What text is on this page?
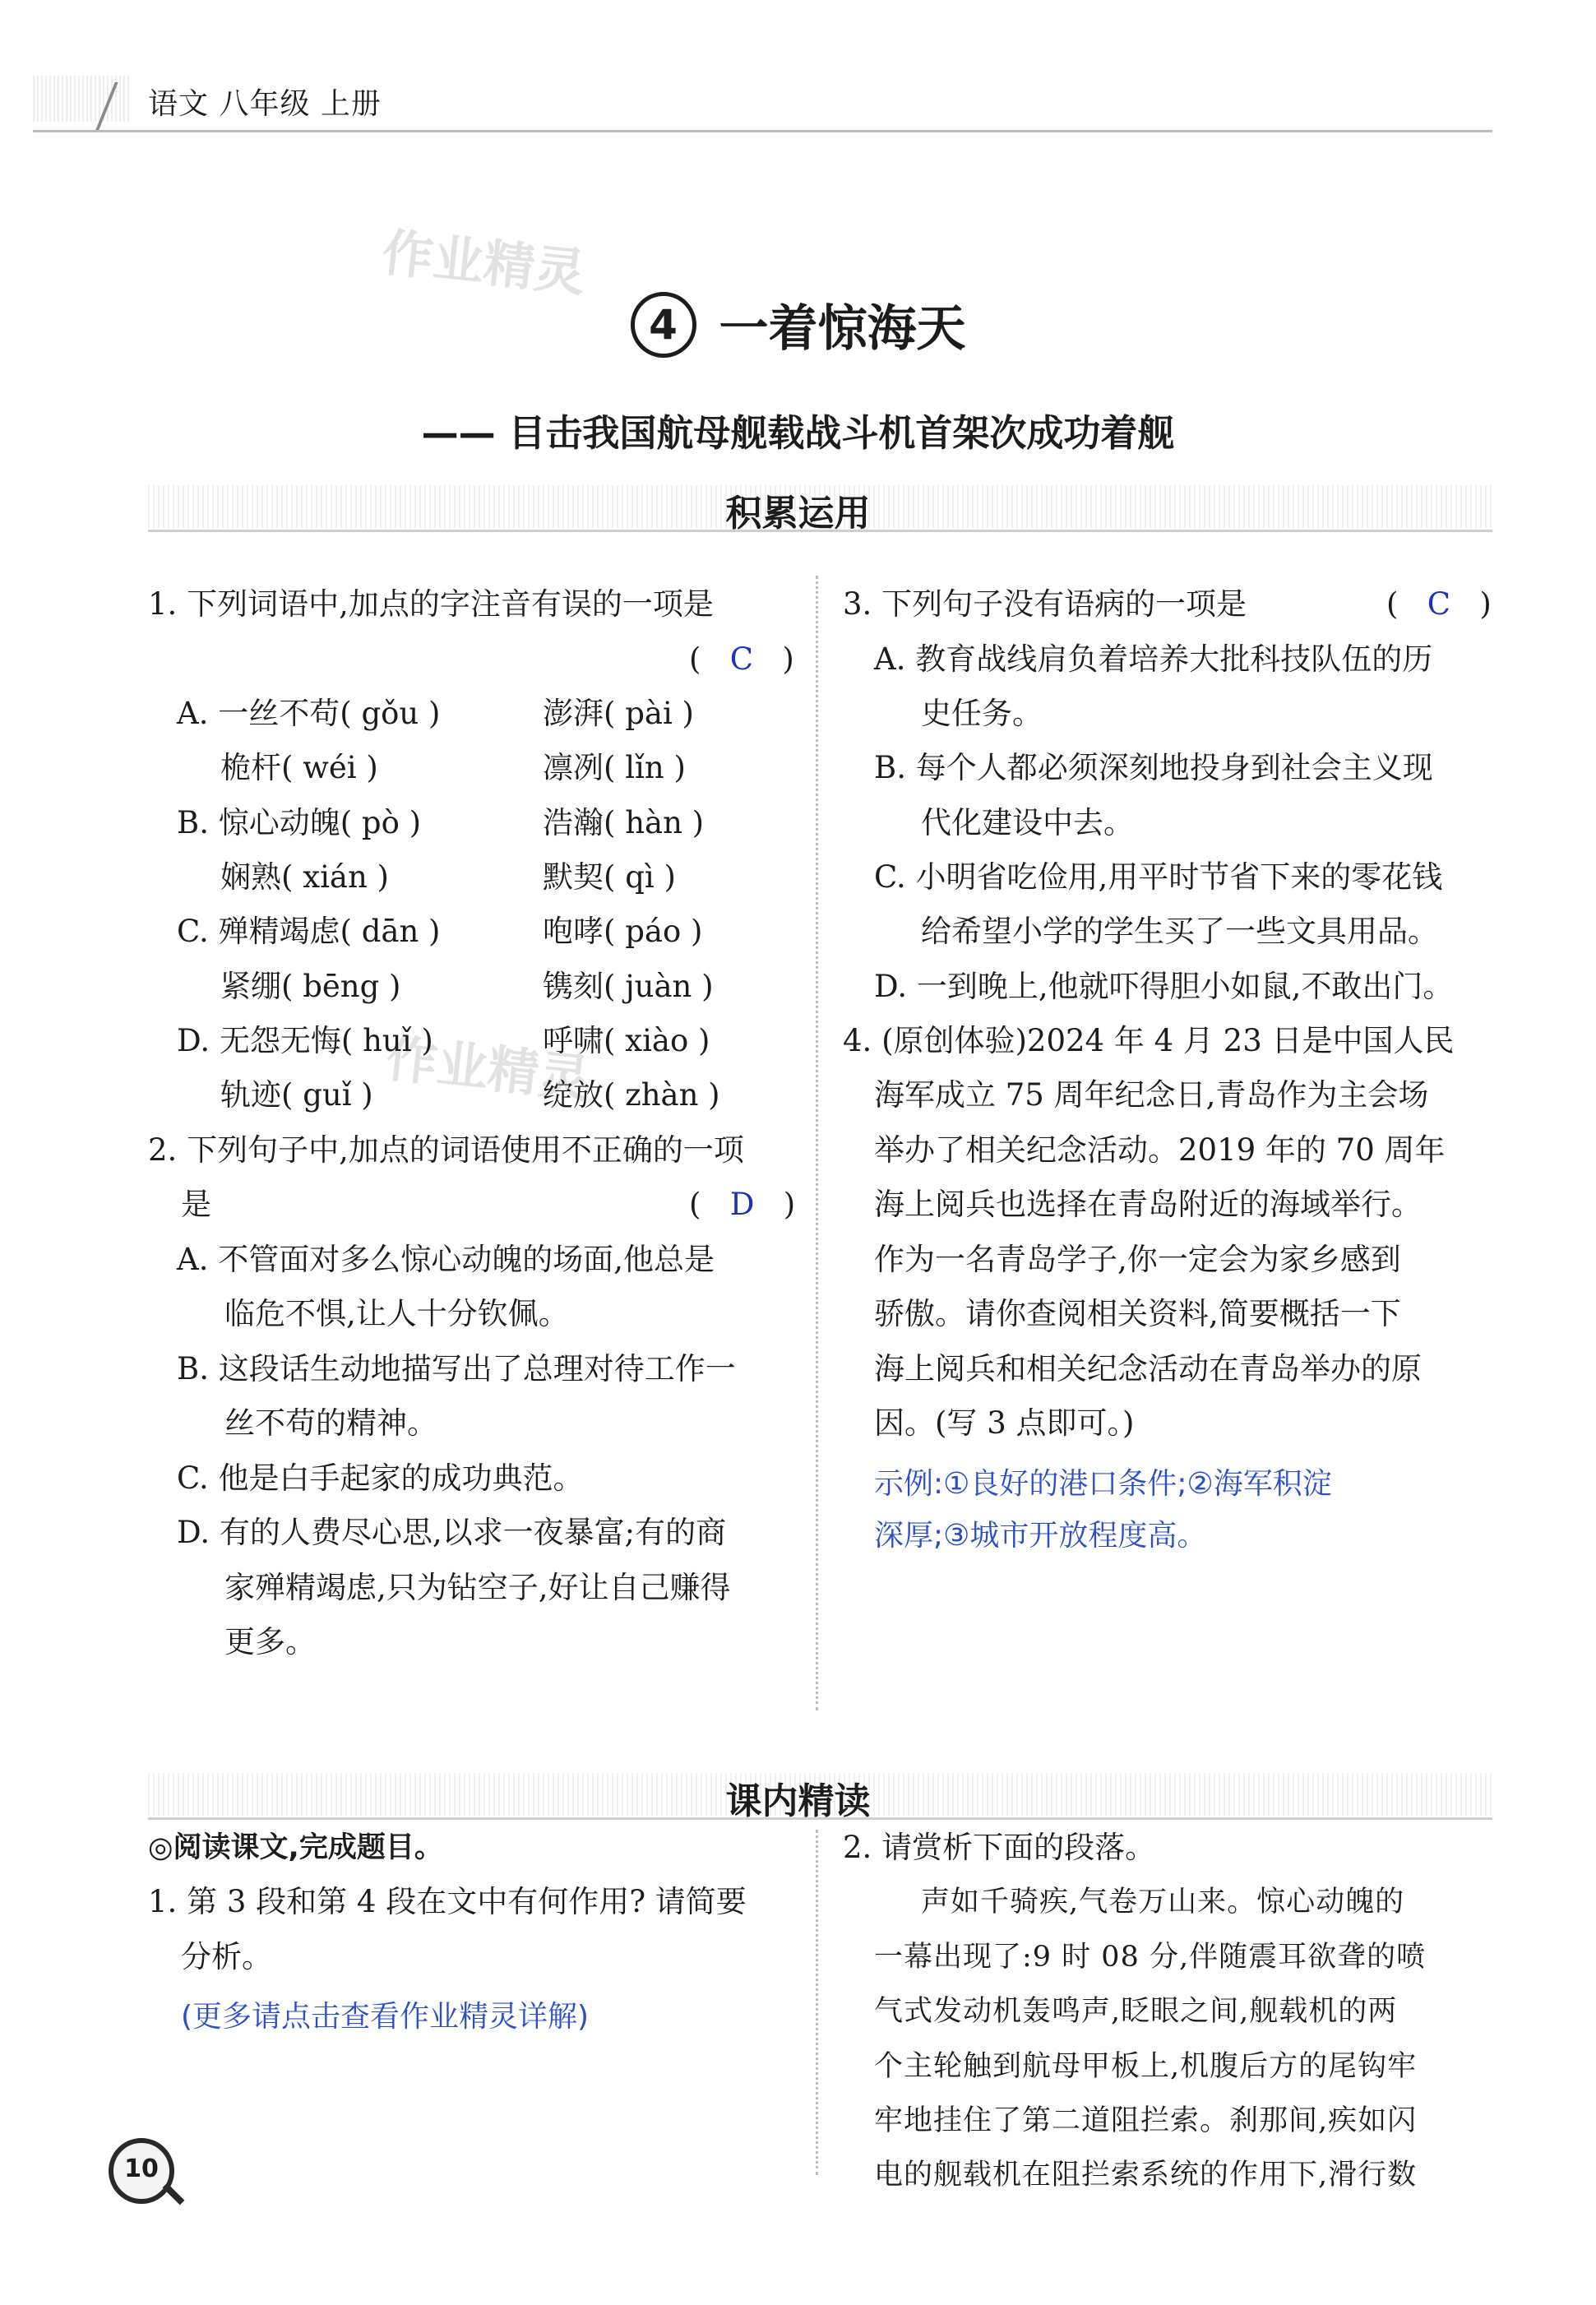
语文 八年级 上册
作业精灵
作业精灵
4 一着惊海天
—— 目击我国航母舰载战斗机首架次成功着舰
积累运用
1. 下列词语中,加点的字注音有误的一项是
( C )
A. 一丝不苟( gǒu )	澎湃( pài )
桅杆( wéi )	凛冽( lǐn )
B. 惊心动魄( pò )	浩瀚( hàn )
娴熟( xián )	默契( qì )
C. 殚精竭虑( dān )	咆哮( páo )
紧绷( bēng )	镌刻( juàn )
D. 无怨无悔( huǐ )	呼啸( xiào )
轨迹( guǐ )	绽放( zhàn )
2. 下列句子中,加点的词语使用不正确的一项
是	( D )
A. 不管面对多么惊心动魄的场面,他总是
临危不惧,让人十分钦佩。
B. 这段话生动地描写出了总理对待工作一
丝不苟的精神。
C. 他是白手起家的成功典范。
D. 有的人费尽心思,以求一夜暴富;有的商
家殚精竭虑,只为钻空子,好让自己赚得
更多。
3. 下列句子没有语病的一项是	( C )
A. 教育战线肩负着培养大批科技队伍的历
史任务。
B. 每个人都必须深刻地投身到社会主义现
代化建设中去。
C. 小明省吃俭用,用平时节省下来的零花钱
给希望小学的学生买了一些文具用品。
D. 一到晚上,他就吓得胆小如鼠,不敢出门。
4. (原创体验)2024 年 4 月 23 日是中国人民
海军成立 75 周年纪念日,青岛作为主会场
举办了相关纪念活动。2019 年的 70 周年
海上阅兵也选择在青岛附近的海域举行。
作为一名青岛学子,你一定会为家乡感到
骄傲。请你查阅相关资料,简要概括一下
海上阅兵和相关纪念活动在青岛举办的原
因。(写 3 点即可。)
示例:①良好的港口条件;②海军积淀
深厚;③城市开放程度高。
课内精读
◎阅读课文,完成题目。
1. 第 3 段和第 4 段在文中有何作用? 请简要
分析。
(更多请点击查看作业精灵详解)
2. 请赏析下面的段落。
声如千骑疾,气卷万山来。惊心动魄的
一幕出现了:9 时 08 分,伴随震耳欲聋的喷
气式发动机轰鸣声,眨眼之间,舰载机的两
个主轮触到航母甲板上,机腹后方的尾钩牢
牢地挂住了第二道阻拦索。刹那间,疾如闪
电的舰载机在阻拦索系统的作用下,滑行数
10
